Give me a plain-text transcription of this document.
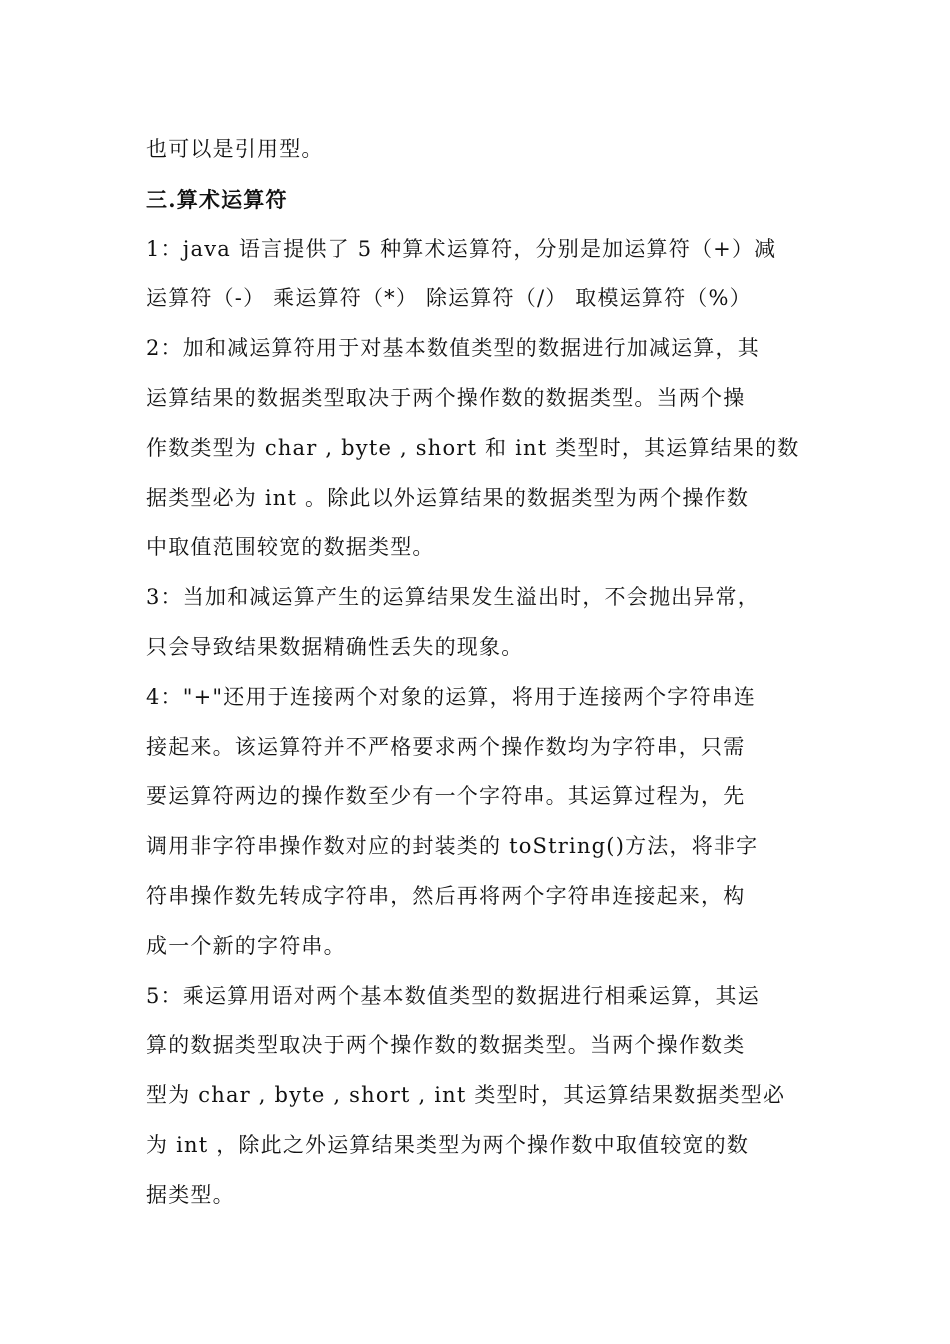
也可以是引用型。
三.算术运算符
1：java 语言提供了 5 种算术运算符，分别是加运算符（+）减
运算符（-） 乘运算符（*） 除运算符（/） 取模运算符（%）
2：加和减运算符用于对基本数值类型的数据进行加减运算，其
运算结果的数据类型取决于两个操作数的数据类型。当两个操
作数类型为 char , byte , short 和 int 类型时，其运算结果的数
据类型必为 int 。除此以外运算结果的数据类型为两个操作数
中取值范围较宽的数据类型。
3：当加和减运算产生的运算结果发生溢出时，不会抛出异常，
只会导致结果数据精确性丢失的现象。
4："+"还用于连接两个对象的运算，将用于连接两个字符串连
接起来。该运算符并不严格要求两个操作数均为字符串，只需
要运算符两边的操作数至少有一个字符串。其运算过程为，先
调用非字符串操作数对应的封装类的 toString()方法，将非字
符串操作数先转成字符串，然后再将两个字符串连接起来，构
成一个新的字符串。
5：乘运算用语对两个基本数值类型的数据进行相乘运算，其运
算的数据类型取决于两个操作数的数据类型。当两个操作数类
型为 char , byte , short , int 类型时，其运算结果数据类型必
为 int ，除此之外运算结果类型为两个操作数中取值较宽的数
据类型。
